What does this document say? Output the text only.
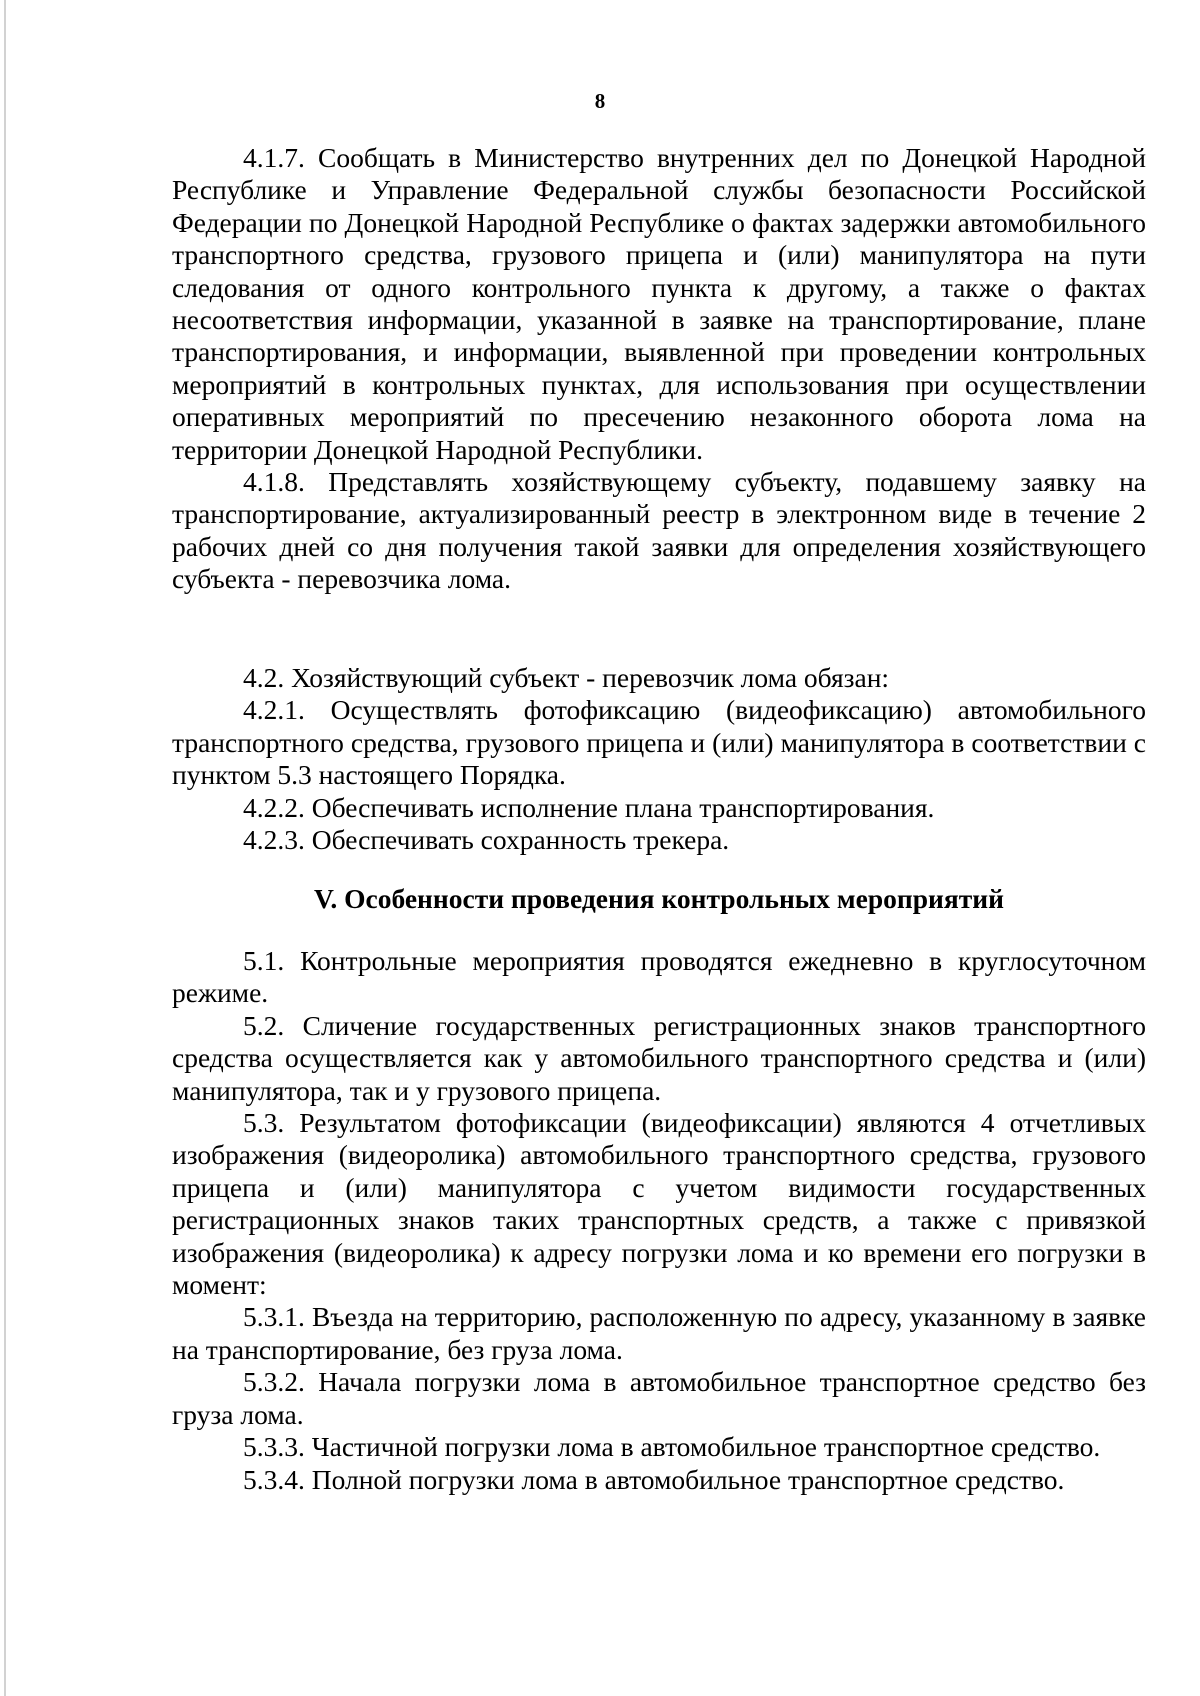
8

4.1.7. Сообщать в Министерство внутренних дел по Донецкой Народной Республике и Управление Федеральной службы безопасности Российской Федерации по Донецкой Народной Республике о фактах задержки автомобильного транспортного средства, грузового прицепа и (или) манипулятора на пути следования от одного контрольного пункта к другому, а также о фактах несоответствия информации, указанной в заявке на транспортирование, плане транспортирования, и информации, выявленной при проведении контрольных мероприятий в контрольных пунктах, для использования при осуществлении оперативных мероприятий по пресечению незаконного оборота лома на территории Донецкой Народной Республики.

4.1.8. Представлять хозяйствующему субъекту, подавшему заявку на транспортирование, актуализированный реестр в электронном виде в течение 2 рабочих дней со дня получения такой заявки для определения хозяйствующего субъекта - перевозчика лома.

4.2. Хозяйствующий субъект - перевозчик лома обязан:

4.2.1. Осуществлять фотофиксацию (видеофиксацию) автомобильного транспортного средства, грузового прицепа и (или) манипулятора в соответствии с пунктом 5.3 настоящего Порядка.

4.2.2. Обеспечивать исполнение плана транспортирования.

4.2.3. Обеспечивать сохранность трекера.

V. Особенности проведения контрольных мероприятий

5.1. Контрольные мероприятия проводятся ежедневно в круглосуточном режиме.

5.2. Сличение государственных регистрационных знаков транспортного средства осуществляется как у автомобильного транспортного средства и (или) манипулятора, так и у грузового прицепа.

5.3. Результатом фотофиксации (видеофиксации) являются 4 отчетливых изображения (видеоролика) автомобильного транспортного средства, грузового прицепа и (или) манипулятора с учетом видимости государственных регистрационных знаков таких транспортных средств, а также с привязкой изображения (видеоролика) к адресу погрузки лома и ко времени его погрузки в момент:

5.3.1. Въезда на территорию, расположенную по адресу, указанному в заявке на транспортирование, без груза лома.

5.3.2. Начала погрузки лома в автомобильное транспортное средство без груза лома.

5.3.3. Частичной погрузки лома в автомобильное транспортное средство.

5.3.4. Полной погрузки лома в автомобильное транспортное средство.
